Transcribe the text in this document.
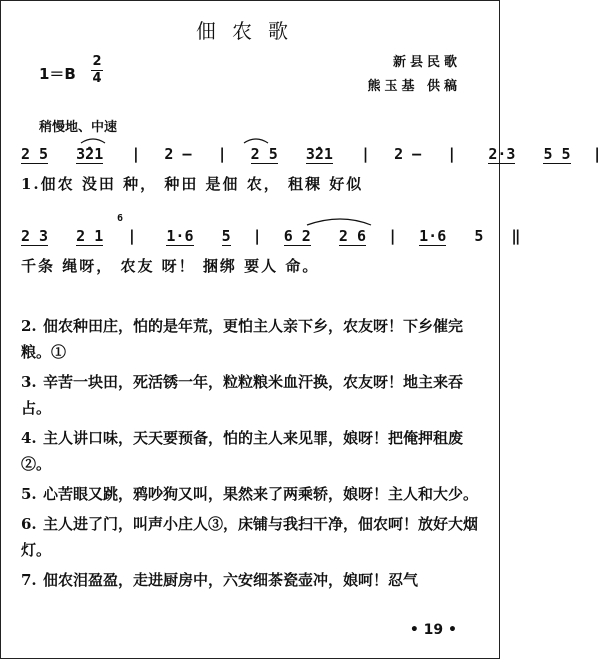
佃农歌
1＝B
2
4
新县民歌
熊玉基 供稿
稍慢地、中速
2 5 3̂21 | 2 – | 2 5 3̂21 | 2 – | 2·3 5 5 |
1.佃农 没田 种， 种田 是佃 农， 租稞 好似
2 3 2 1 | 1·6 5 | 6 2 2 6 | 1·6 5 ‖
6
千条 绳呀， 农友 呀！ 捆绑 要人 命。
2. 佃农种田庄，怕的是年荒，更怕主人亲下乡，农友呀！下乡催完粮。①
3. 辛苦一块田，死活锈一年，粒粒粮米血汗换，农友呀！地主来吞占。
4. 主人讲口味，天天要预备，怕的主人来见罪，娘呀！把俺押租废②。
5. 心苦眼又跳，鸦吵狗又叫，果然来了两乘轿，娘呀！主人和大少。
6. 主人进了门，叫声小庄人③，床铺与我扫干净，佃农呵！放好大烟灯。
7. 佃农泪盈盈，走进厨房中，六安细茶瓷壶冲，娘呵！忍气
• 19 •
